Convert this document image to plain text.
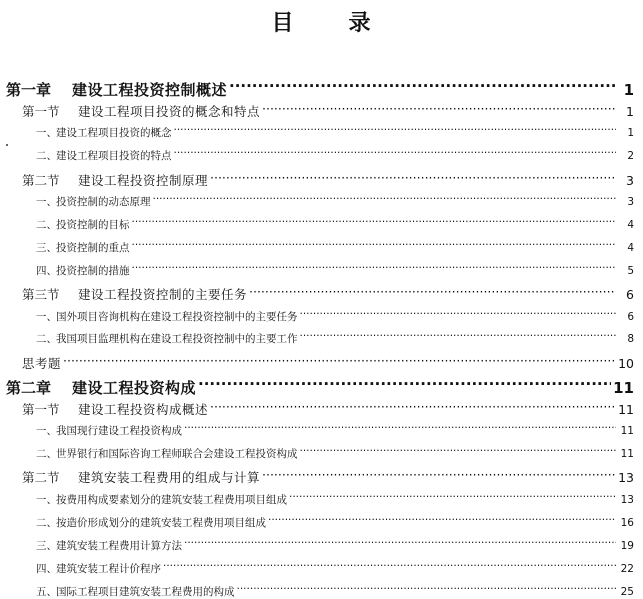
目 录
第一章	建设工程投资控制概述 ·····	1
第一节	建设工程项目投资的概念和特点 ·····	1
一、 建设工程项目投资的概念 ·····	1
二、 建设工程项目投资的特点 ·····	2
第二节	建设工程投资控制原理 ·····	3
一、 投资控制的动态原理 ·····	3
二、 投资控制的目标 ·····	4
三、 投资控制的重点 ·····	4
四、 投资控制的措施 ·····	5
第三节	建设工程投资控制的主要任务 ·····	6
一、 国外项目咨询机构在建设工程投资控制中的主要任务 ·····	6
二、 我国项目监理机构在建设工程投资控制中的主要工作 ·····	8
思考题 ·····	10
第二章	建设工程投资构成 ·····	11
第一节	建设工程投资构成概述 ·····	11
一、 我国现行建设工程投资构成 ·····	11
二、 世界银行和国际咨询工程师联合会建设工程投资构成 ·····	11
第二节	建筑安装工程费用的组成与计算 ·····	13
一、 按费用构成要素划分的建筑安装工程费用项目组成 ·····	13
二、 按造价形成划分的建筑安装工程费用项目组成 ·····	16
三、 建筑安装工程费用计算方法 ·····	19
四、 建筑安装工程计价程序 ·····	22
五、 国际工程项目建筑安装工程费用的构成 ·····	25
